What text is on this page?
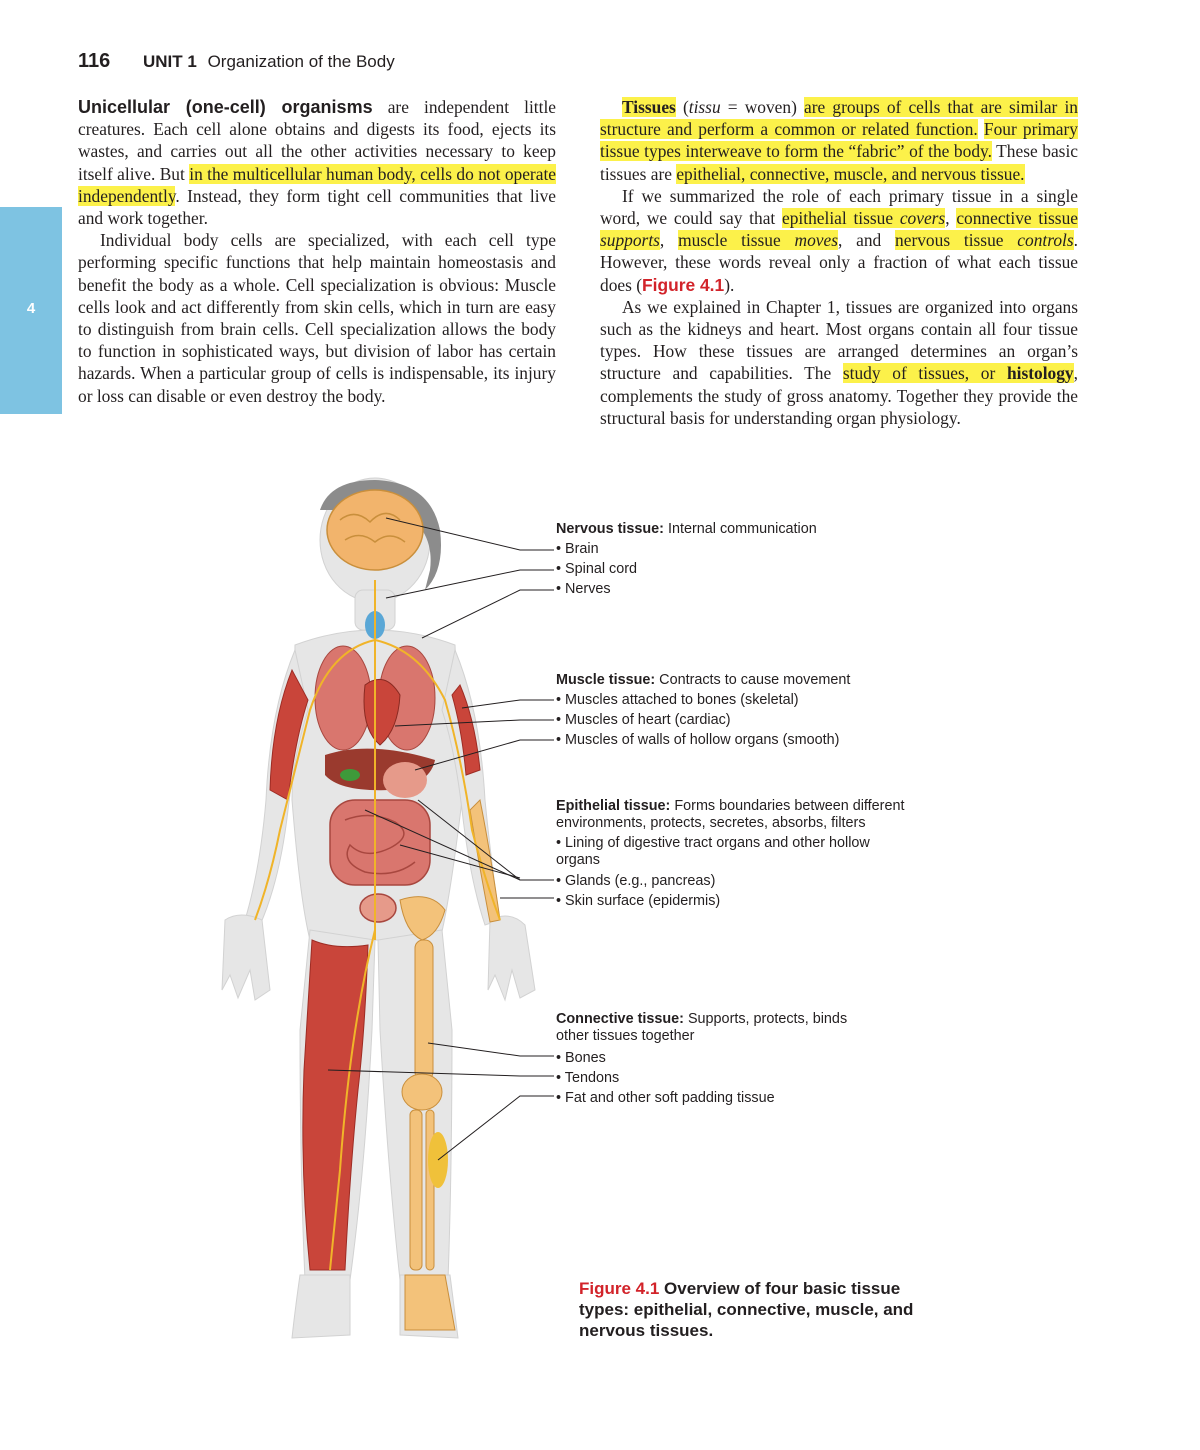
4
116 UNIT 1 Organization of the Body

Unicellular (one-cell) organisms are independent little creatures. Each cell alone obtains and digests its food, ejects its wastes, and carries out all the other activities necessary to keep itself alive. But in the multicellular human body, cells do not operate independently. Instead, they form tight cell communities that live and work together.

Individual body cells are specialized, with each cell type performing specific functions that help maintain homeostasis and benefit the body as a whole. Cell specialization is obvious: Muscle cells look and act differently from skin cells, which in turn are easy to distinguish from brain cells. Cell specialization allows the body to function in sophisticated ways, but division of labor has certain hazards. When a particular group of cells is indispensable, its injury or loss can disable or even destroy the body.

Tissues (tissu = woven) are groups of cells that are similar in structure and perform a common or related function. Four primary tissue types interweave to form the “fabric” of the body. These basic tissues are epithelial, connective, muscle, and nervous tissue.

If we summarized the role of each primary tissue in a single word, we could say that epithelial tissue covers, connective tissue supports, muscle tissue moves, and nervous tissue controls. However, these words reveal only a fraction of what each tissue does (Figure 4.1).

As we explained in Chapter 1, tissues are organized into organs such as the kidneys and heart. Most organs contain all four tissue types. How these tissues are arranged determines an organ’s structure and capabilities. The study of tissues, or histology, complements the study of gross anatomy. Together they provide the structural basis for understanding organ physiology.

Nervous tissue: Internal communication
• Brain
• Spinal cord
• Nerves
Muscle tissue: Contracts to cause movement
• Muscles attached to bones (skeletal)
• Muscles of heart (cardiac)
• Muscles of walls of hollow organs (smooth)
Epithelial tissue: Forms boundaries between different environments, protects, secretes, absorbs, filters
• Lining of digestive tract organs and other hollow organs
• Glands (e.g., pancreas)
• Skin surface (epidermis)
Connective tissue: Supports, protects, binds other tissues together
• Bones
• Tendons
• Fat and other soft padding tissue
Figure 4.1 Overview of four basic tissue types: epithelial, connective, muscle, and nervous tissues.
